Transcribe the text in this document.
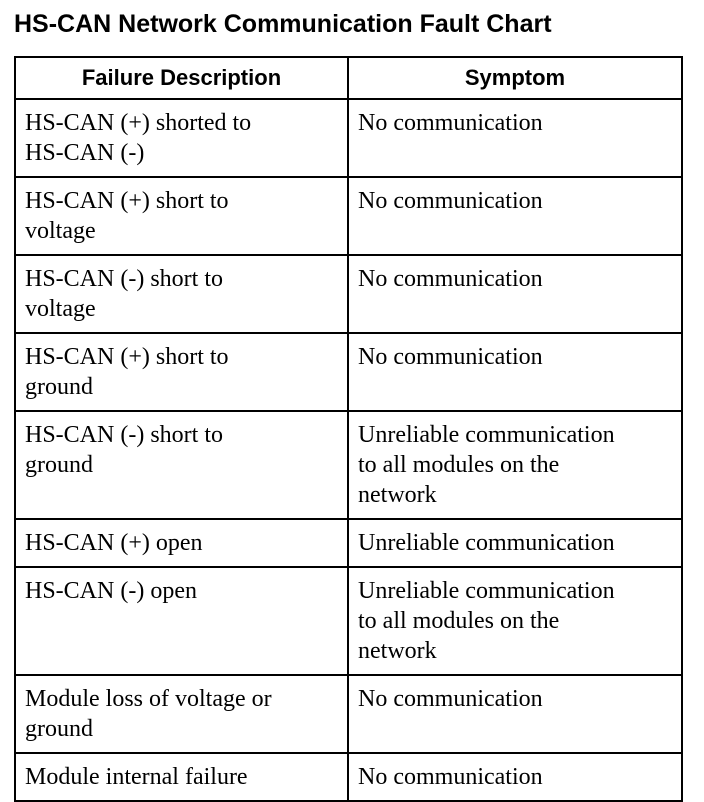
HS-CAN Network Communication Fault Chart
Failure Description	Symptom

HS-CAN (+) shorted to
HS-CAN (-)	No communication

HS-CAN (+) short to
voltage	No communication

HS-CAN (-) short to
voltage	No communication

HS-CAN (+) short to
ground	No communication

HS-CAN (-) short to
ground	Unreliable communication
to all modules on the
network

HS-CAN (+) open	Unreliable communication

HS-CAN (-) open	Unreliable communication
to all modules on the
network

Module loss of voltage or
ground	No communication

Module internal failure	No communication
